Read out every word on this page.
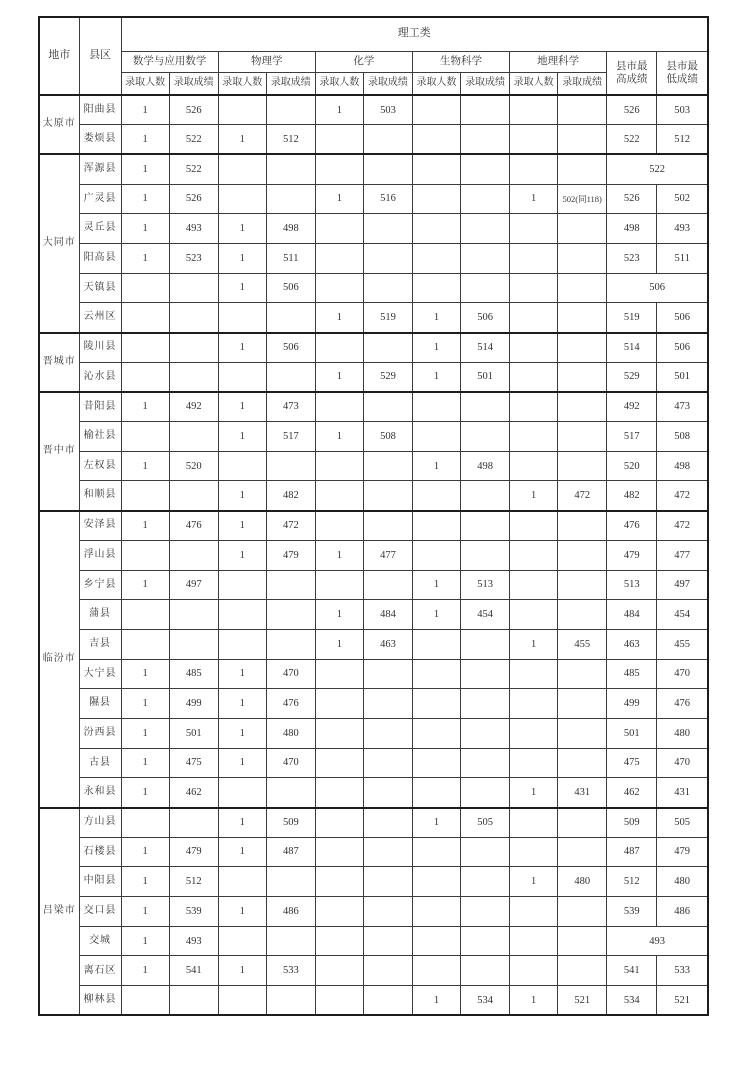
地市	县区	理工类											
		数学与应用数学		物理学		化学		生物科学		地理科学		县市最高成绩	县市最低成绩
		录取人数	录取成绩	录取人数	录取成绩	录取人数	录取成绩	录取人数	录取成绩	录取人数	录取成绩		
太原市	阳曲县	1	526			1	503					526	503
	娄烦县	1	522	1	512							522	512
大同市	浑源县	1	522									522	
	广灵县	1	526			1	516			1	502(同118)	526	502
	灵丘县	1	493	1	498							498	493
	阳高县	1	523	1	511							523	511
	天镇县			1	506							506	
	云州区					1	519	1	506			519	506
晋城市	陵川县			1	506			1	514			514	506
	沁水县					1	529	1	501			529	501
晋中市	昔阳县	1	492	1	473							492	473
	榆社县			1	517	1	508					517	508
	左权县	1	520					1	498			520	498
	和顺县			1	482					1	472	482	472
临汾市	安泽县	1	476	1	472							476	472
	浮山县			1	479	1	477					479	477
	乡宁县	1	497					1	513			513	497
	蒲县					1	484	1	454			484	454
	吉县					1	463			1	455	463	455
	大宁县	1	485	1	470							485	470
	隰县	1	499	1	476							499	476
	汾西县	1	501	1	480							501	480
	古县	1	475	1	470							475	470
	永和县	1	462							1	431	462	431
吕梁市	方山县			1	509			1	505			509	505
	石楼县	1	479	1	487							487	479
	中阳县	1	512							1	480	512	480
	交口县	1	539	1	486							539	486
	交城	1	493									493	
	离石区	1	541	1	533							541	533
	柳林县							1	534	1	521	534	521
